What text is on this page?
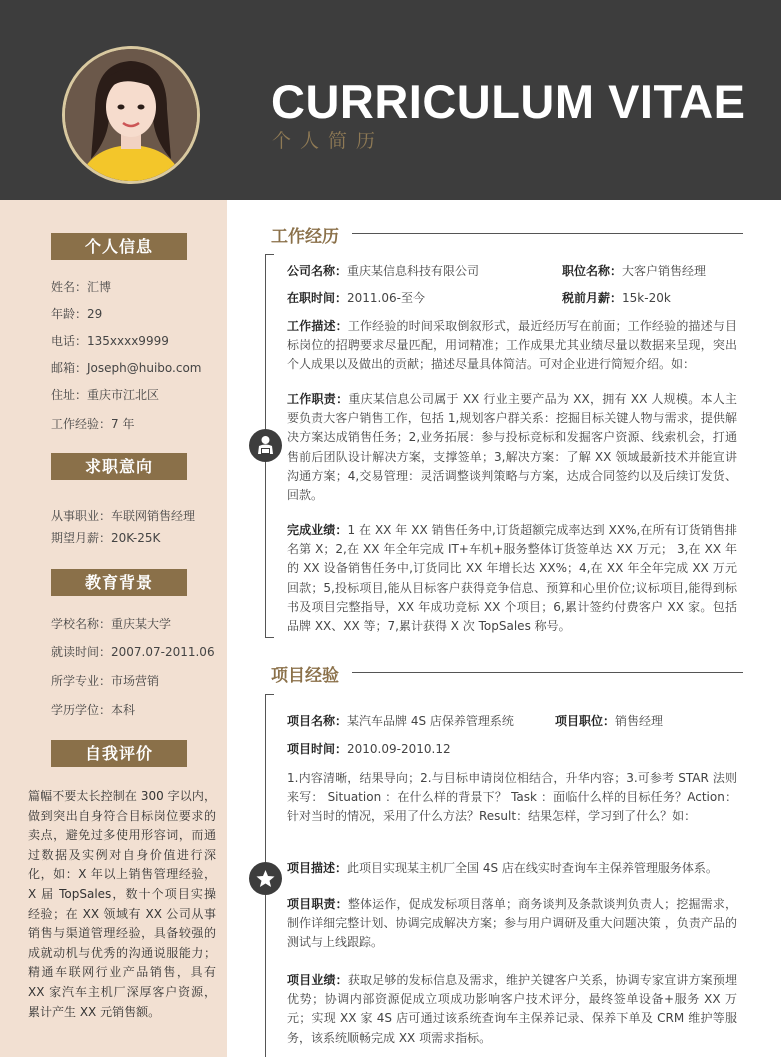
CURRICULUM VITAE
个人简历
个人信息
姓名：汇博
年龄：29
电话：135xxxx9999
邮箱：Joseph@huibo.com
住址：重庆市江北区
工作经验：7 年
求职意向
从事职业：车联网销售经理
期望月薪：20K-25K
教育背景
学校名称：重庆某大学
就读时间：2007.07-2011.06
所学专业：市场营销
学历学位：本科
自我评价
篇幅不要太长控制在 300 字以内，做到突出自身符合目标岗位要求的卖点，避免过多使用形容词，而通过数据及实例对自身价值进行深化，如：X 年以上销售管理经验，X 届 TopSales，数十个项目实操经验；在 XX 领域有 XX 公司从事销售与渠道管理经验，具备较强的成就动机与优秀的沟通说服能力；精通车联网行业产品销售，具有 XX 家汽车主机厂深厚客户资源，累计产生 XX 元销售额。
工作经历
公司名称：重庆某信息科技有限公司	职位名称：大客户销售经理
在职时间：2011.06-至今	税前月薪：15k-20k
工作描述：工作经验的时间采取倒叙形式，最近经历写在前面；工作经验的描述与目标岗位的招聘要求尽量匹配，用词精准；工作成果尤其业绩尽量以数据来呈现，突出个人成果以及做出的贡献；描述尽量具体简洁。可对企业进行简短介绍。如：
工作职责：重庆某信息公司属于 XX 行业主要产品为 XX，拥有 XX 人规模。本人主要负责大客户销售工作，包括 1,规划客户群关系：挖掘目标关键人物与需求，提供解决方案达成销售任务；2,业务拓展：参与投标竞标和发掘客户资源、线索机会，打通售前后团队设计解决方案，支撑签单；3,解决方案：了解 XX 领域最新技术并能宣讲沟通方案；4,交易管理：灵活调整谈判策略与方案，达成合同签约以及后续订发货、回款。
完成业绩：1 在 XX 年 XX 销售任务中,订货超额完成率达到 XX%,在所有订货销售排名第 X；2,在 XX 年全年完成 IT+车机+服务整体订货签单达 XX 万元； 3,在 XX 年的 XX 设备销售任务中,订货同比 XX 年增长达 XX%；4,在 XX 年全年完成 XX 万元回款；5,投标项目,能从目标客户获得竞争信息、预算和心里价位;议标项目,能得到标书及项目完整指导，XX 年成功竞标 XX 个项目；6,累计签约付费客户 XX 家。包括品牌 XX、XX 等；7,累计获得 X 次 TopSales 称号。
项目经验
项目名称：某汽车品牌 4S 店保养管理系统	项目职位：销售经理
项目时间：2010.09-2010.12
1.内容清晰，结果导向；2.与目标申请岗位相结合，升华内容；3.可参考 STAR 法则来写： Situation ：在什么样的背景下？ Task ：面临什么样的目标任务？Action：针对当时的情况，采用了什么方法？Result：结果怎样，学习到了什么？如：
项目描述：此项目实现某主机厂全国 4S 店在线实时查询车主保养管理服务体系。
项目职责：整体运作，促成发标项目落单；商务谈判及条款谈判负责人；挖掘需求，制作详细完整计划、协调完成解决方案；参与用户调研及重大问题决策 ，负责产品的测试与上线跟踪。
项目业绩：获取足够的发标信息及需求，维护关键客户关系，协调专家宣讲方案预埋优势；协调内部资源促成立项成功影响客户技术评分，最终签单设备+服务 XX 万元；实现 XX 家 4S 店可通过该系统查询车主保养记录、保养下单及 CRM 维护等服务，该系统顺畅完成 XX 项需求指标。
